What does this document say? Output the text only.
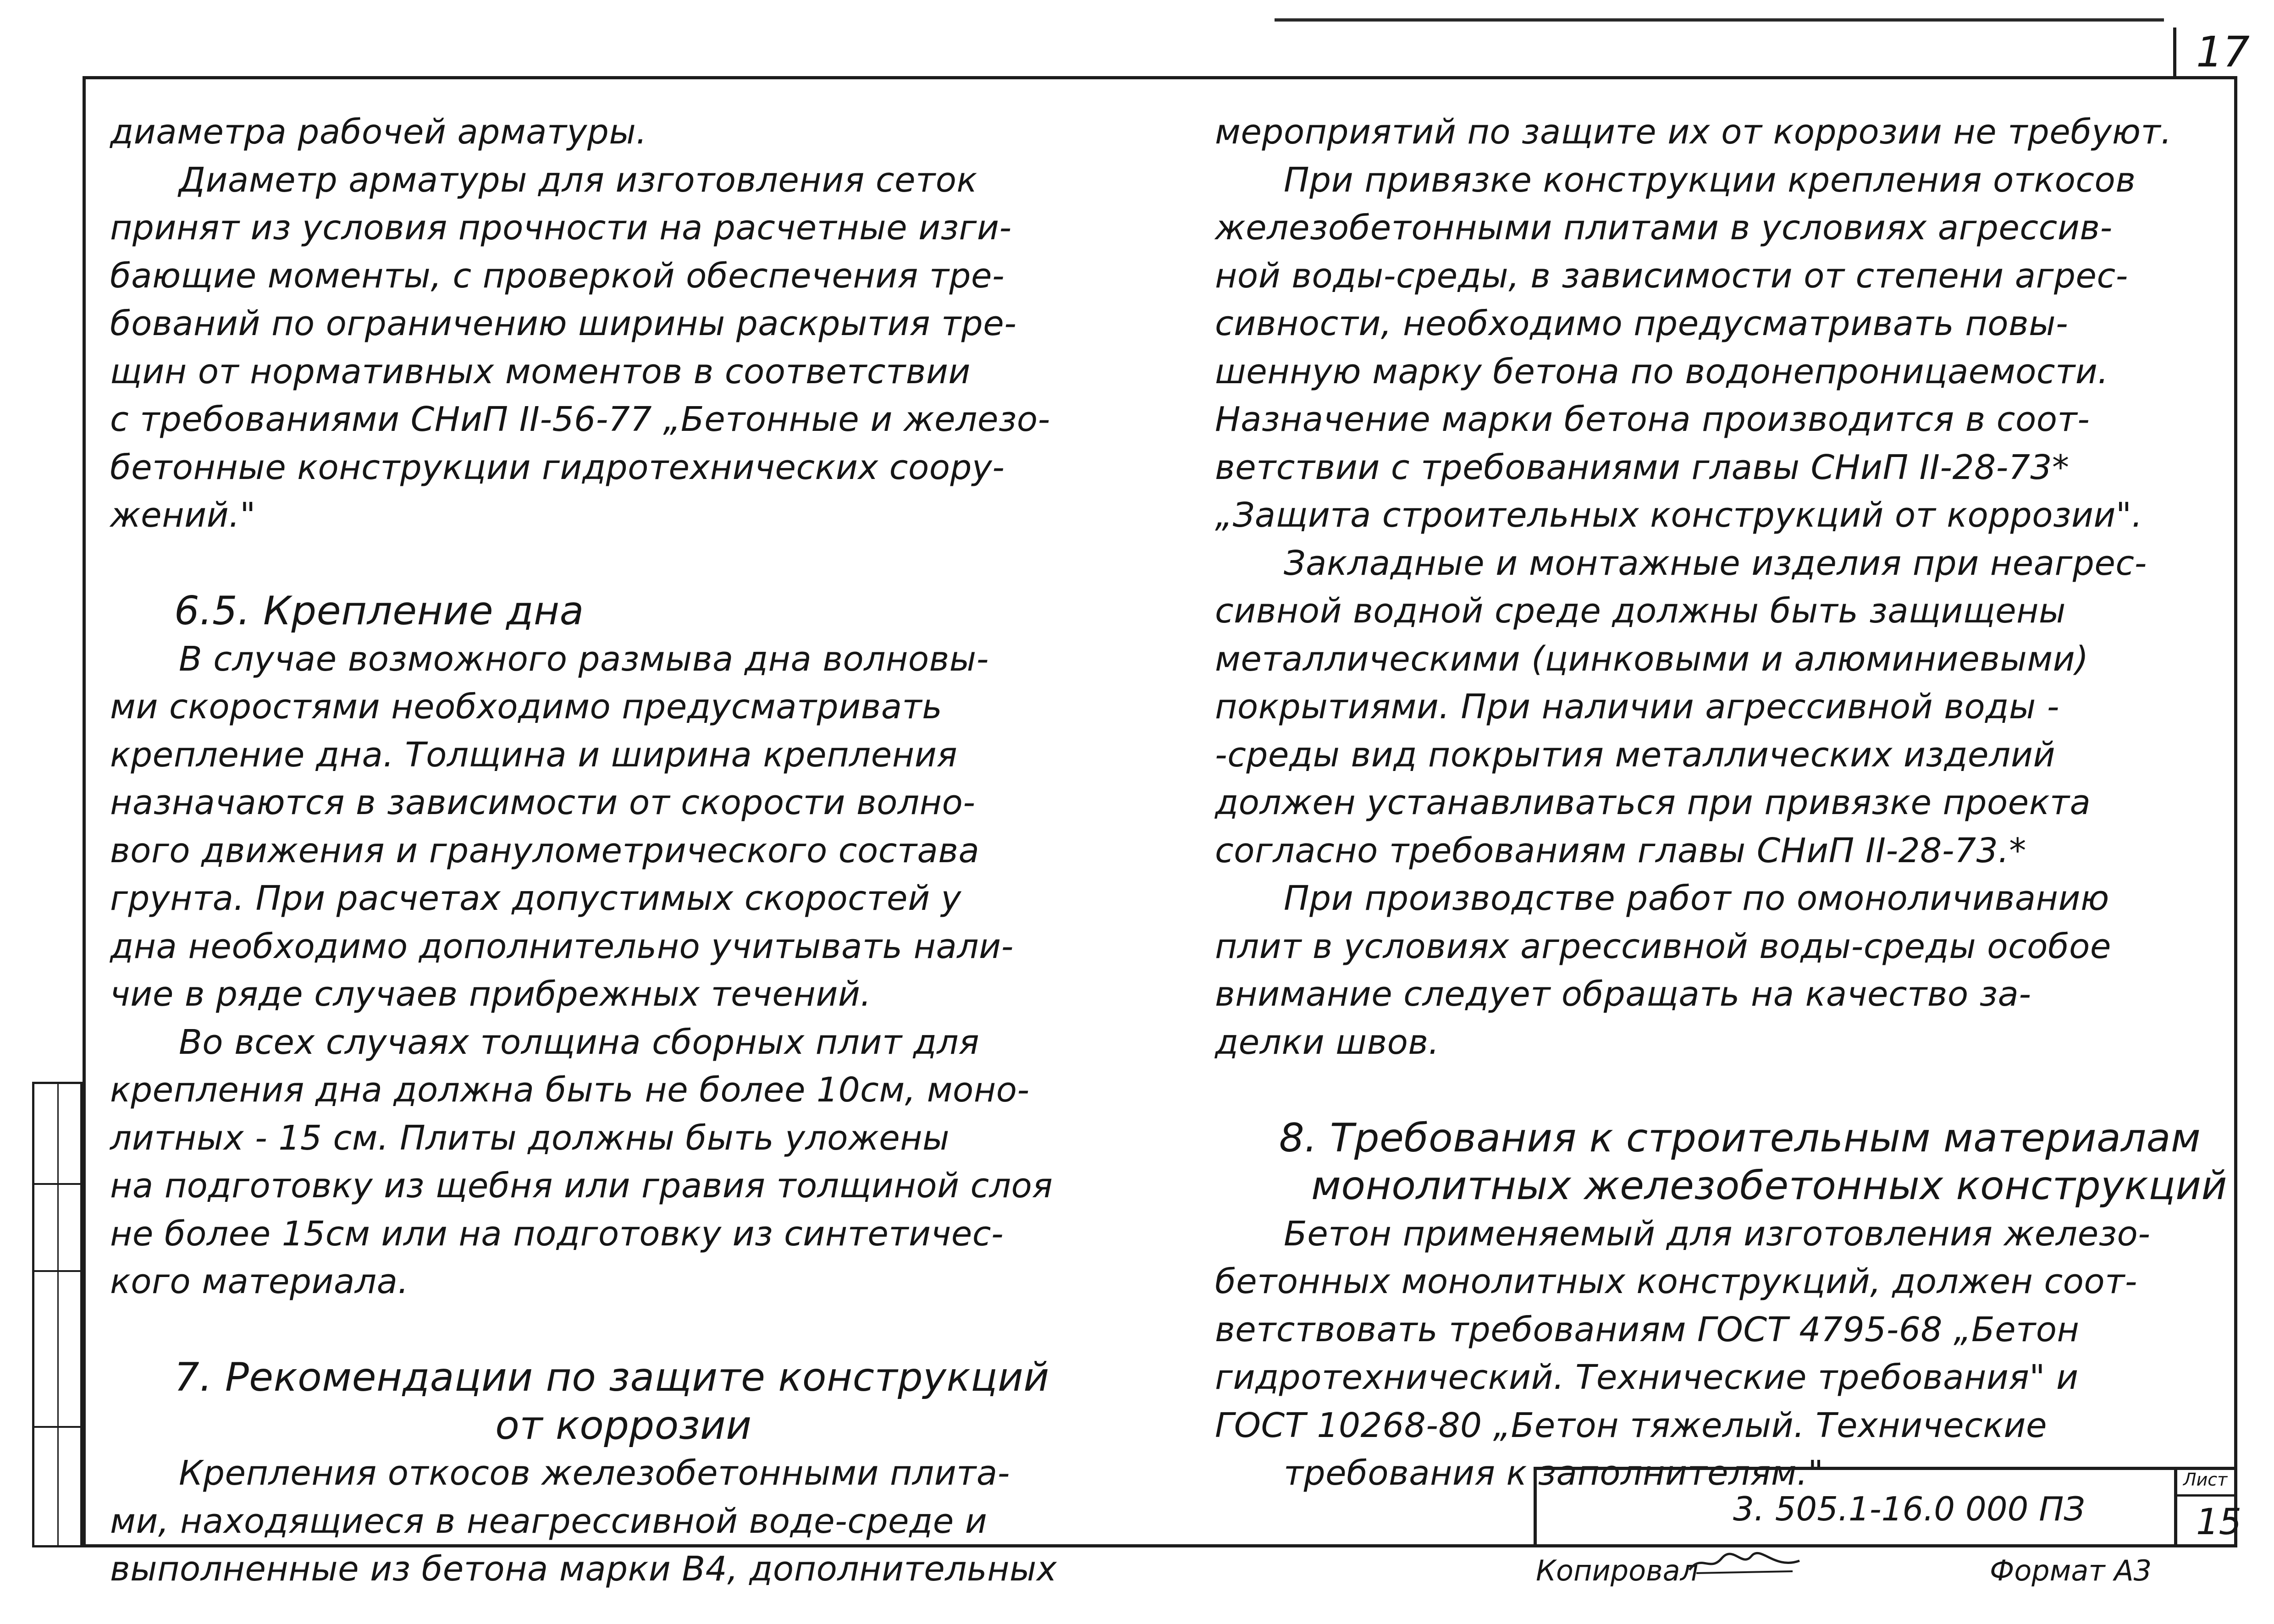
17
диаметра рабочей арматуры.
Диаметр арматуры для изготовления сеток
принят из условия прочности на расчетные изги-
бающие моменты, с проверкой обеспечения тре-
бований по ограничению ширины раскрытия тре-
щин от нормативных моментов в соответствии
с требованиями СНиП II-56-77 „Бетонные и железо-
бетонные конструкции гидротехнических соору-
жений."
6.5. Крепление дна
В случае возможного размыва дна волновы-
ми скоростями необходимо предусматривать
крепление дна. Толщина и ширина крепления
назначаются в зависимости от скорости волно-
вого движения и гранулометрического состава
грунта. При расчетах допустимых скоростей у
дна необходимо дополнительно учитывать нали-
чие в ряде случаев прибрежных течений.
Во всех случаях толщина сборных плит для
крепления дна должна быть не более 10см, моно-
литных - 15 см. Плиты должны быть уложены
на подготовку из щебня или гравия толщиной слоя
не более 15см или на подготовку из синтетичес-
кого материала.
7. Рекомендации по защите конструкций
от коррозии
Крепления откосов железобетонными плита-
ми, находящиеся в неагрессивной воде-среде и
выполненные из бетона марки В4, дополнительных
мероприятий по защите их от коррозии не требуют.
При привязке конструкции крепления откосов
железобетонными плитами в условиях агрессив-
ной воды-среды, в зависимости от степени агрес-
сивности, необходимо предусматривать повы-
шенную марку бетона по водонепроницаемости.
Назначение марки бетона производится в соот-
ветствии с требованиями главы СНиП II-28-73*
„Защита строительных конструкций от коррозии".
Закладные и монтажные изделия при неагрес-
сивной водной среде должны быть защищены
металлическими (цинковыми и алюминиевыми)
покрытиями. При наличии агрессивной воды -
-среды вид покрытия металлических изделий
должен устанавливаться при привязке проекта
согласно требованиям главы СНиП II-28-73.*
При производстве работ по омоноличиванию
плит в условиях агрессивной воды-среды особое
внимание следует обращать на качество за-
делки швов.
8. Требования к строительным материалам
монолитных железобетонных конструкций
Бетон применяемый для изготовления железо-
бетонных монолитных конструкций, должен соот-
ветствовать требованиям ГОСТ 4795-68 „Бетон
гидротехнический. Технические требования" и
ГОСТ 10268-80 „Бетон тяжелый. Технические
требования к заполнителям."
3. 505.1-16.0 000 ПЗ
Лист
15
Копировал	Формат А3
